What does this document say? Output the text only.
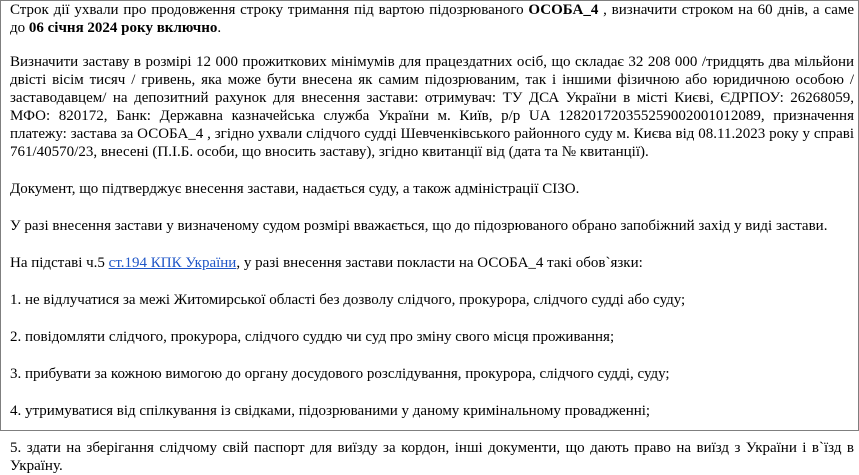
Строк дії ухвали про продовження строку тримання під вартою підозрюваного ОСОБА_4 , визначити строком на 60 днів, а саме до 06 січня 2024 року включно.

Визначити заставу в розмірі 12 000 прожиткових мінімумів для працездатних осіб, що складає 32 208 000 /тридцять два мільйони двісті вісім тисяч / гривень, яка може бути внесена як самим підозрюваним, так і іншими фізичною або юридичною особою /заставодавцем/ на депозитний рахунок для внесення застави: отримувач: ТУ ДСА України в місті Києві, ЄДРПОУ: 26268059, МФО: 820172, Банк: Державна казначейська служба України м. Київ, р/р UA 128201720355259002001012089, призначення платежу: застава за ОСОБА_4 , згідно ухвали слідчого судді Шевченківського районного суду м. Києва від 08.11.2023 року у справі 761/40570/23, внесені (П.І.Б. особи, що вносить заставу), згідно квитанції від (дата та № квитанції).

Документ, що підтверджує внесення застави, надається суду, а також адміністрації СІЗО.

У разі внесення застави у визначеному судом розмірі вважається, що до підозрюваного обрано запобіжний захід у виді застави.

На підставі ч.5 ст.194 КПК України, у разі внесення застави покласти на ОСОБА_4 такі обов`язки:

1. не відлучатися за межі Житомирської області без дозволу слідчого, прокурора, слідчого судді або суду;

2. повідомляти слідчого, прокурора, слідчого суддю чи суд про зміну свого місця проживання;

3. прибувати за кожною вимогою до органу досудового розслідування, прокурора, слідчого судді, суду;

4. утримуватися від спілкування із свідками, підозрюваними у даному кримінальному провадженні;

5. здати на зберігання слідчому свій паспорт для виїзду за кордон, інші документи, що дають право на виїзд з України і в`їзд в Україну.
